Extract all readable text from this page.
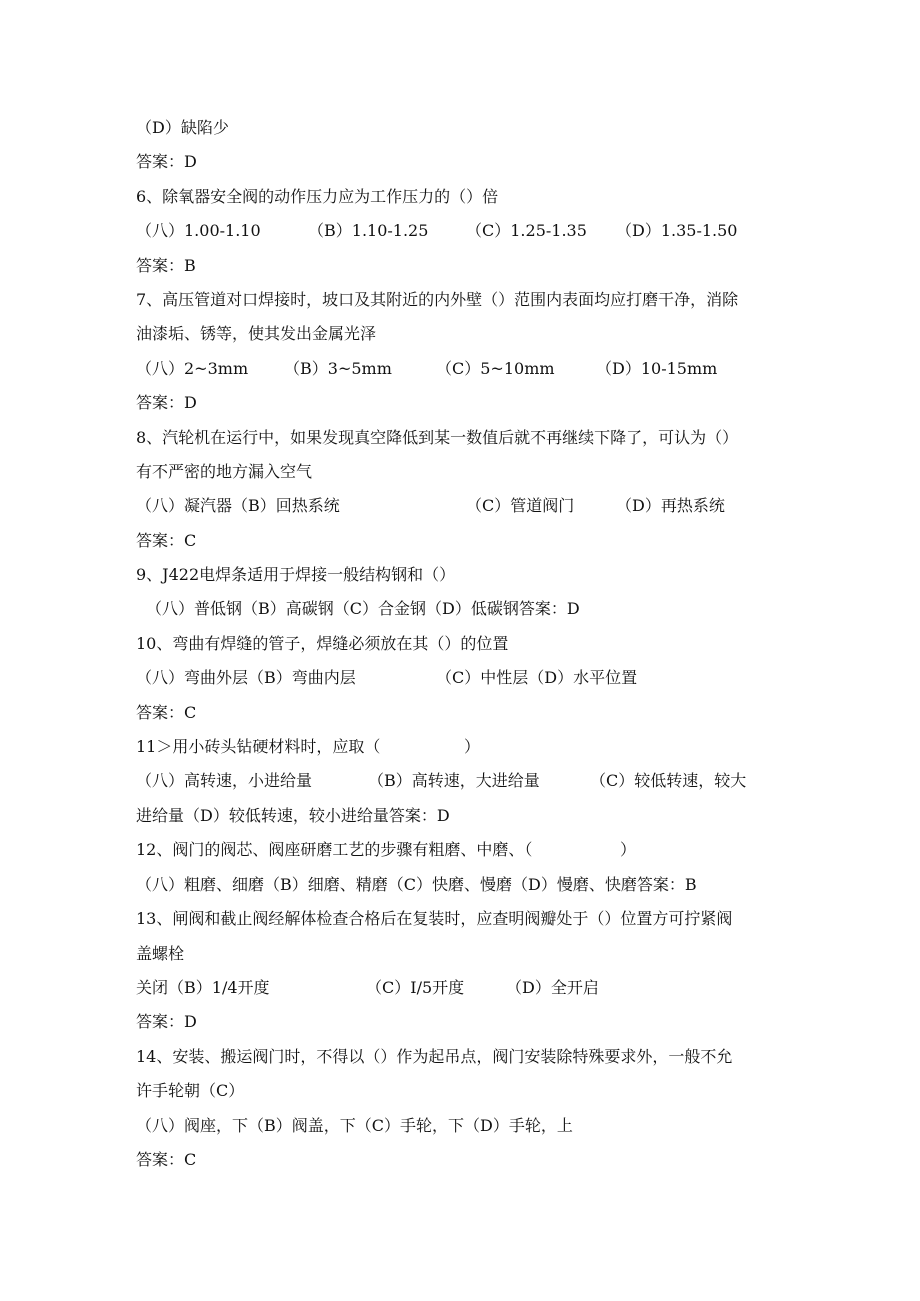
（D）缺陷少
答案：D
6、除氧器安全阀的动作压力应为工作压力的（）倍

（八）1.00-1.10

	（B）1.10-1.25

（C）1.25-1.35

（D）1.35-1.50

答案：B
7、高压管道对口焊接时，坡口及其附近的内外壁（）范围内表面均应打磨干净，消除
油漆垢、锈等，使其发出金属光泽

（八）2~3mm

（B）3~5mm

	（C）5~10mm

	（D）10-15mm

答案：D
8、汽轮机在运行中，如果发现真空降低到某一数值后就不再继续下降了，可认为（）
有不严密的地方漏入空气

（八）凝汽器（B）回热系统

	（C）管道阀门

	（D）再热系统

答案：C
9、J422电焊条适用于焊接一般结构钢和（）
（八）普低钢（B）高碳钢（C）合金钢（D）低碳钢答案：D
10、弯曲有焊缝的管子，焊缝必须放在其（）的位置

（八）弯曲外层（B）弯曲内层

	（C）中性层（D）水平位置

答案：C

11＞用小砖头钻硬材料时，应取（

	）

（八）高转速，小进给量

	（B）高转速，大进给量

	（C）较低转速，较大

进给量（D）较低转速，较小进给量答案：D

12、阀门的阀芯、阀座研磨工艺的步骤有粗磨、中磨、（

	）

（八）粗磨、细磨（B）细磨、精磨（C）快磨、慢磨（D）慢磨、快磨答案：B
13、闸阀和截止阀经解体检查合格后在复装时，应查明阀瓣处于（）位置方可拧紧阀
盖螺栓

关闭（B）1/4开度

	（C）I/5开度

	（D）全开启

答案：D
14、安装、搬运阀门时，不得以（）作为起吊点，阀门安装除特殊要求外，一般不允
许手轮朝（C）
（八）阀座，下（B）阀盖，下（C）手轮，下（D）手轮，上
答案：C
